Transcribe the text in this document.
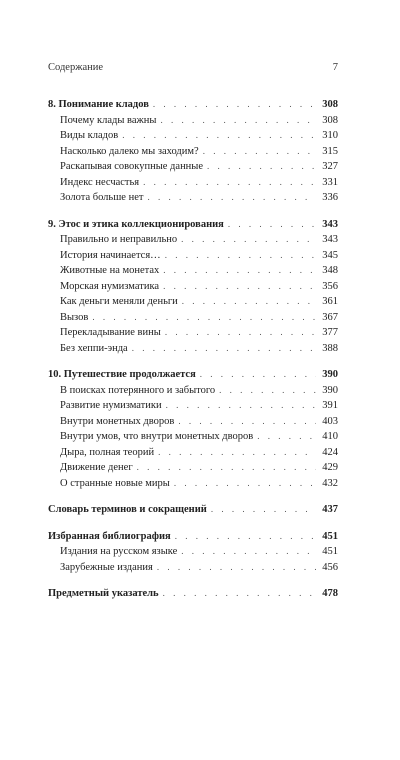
Содержание	7
8. Понимание кладов . . .	308
Почему клады важны . . .	308
Виды кладов . . .	310
Насколько далеко мы заходим? . . .	315
Раскапывая совокупные данные . . .	327
Индекс несчастья . . .	331
Золота больше нет . . .	336
9. Этос и этика коллекционирования . . .	343
Правильно и неправильно . . .	343
История начинается… . . .	345
Животные на монетах . . .	348
Морская нумизматика . . .	356
Как деньги меняли деньги . . .	361
Вызов . . .	367
Перекладывание вины . . .	377
Без хеппи-энда . . .	388
10. Путешествие продолжается . . .	390
В поисках потерянного и забытого . . .	390
Развитие нумизматики . . .	391
Внутри монетных дворов . . .	403
Внутри умов, что внутри монетных дворов . . .	410
Дыра, полная теорий . . .	424
Движение денег . . .	429
О странные новые миры . . .	432
Словарь терминов и сокращений . . .	437
Избранная библиография . . .	451
Издания на русском языке . . .	451
Зарубежные издания . . .	456
Предметный указатель . . .	478
